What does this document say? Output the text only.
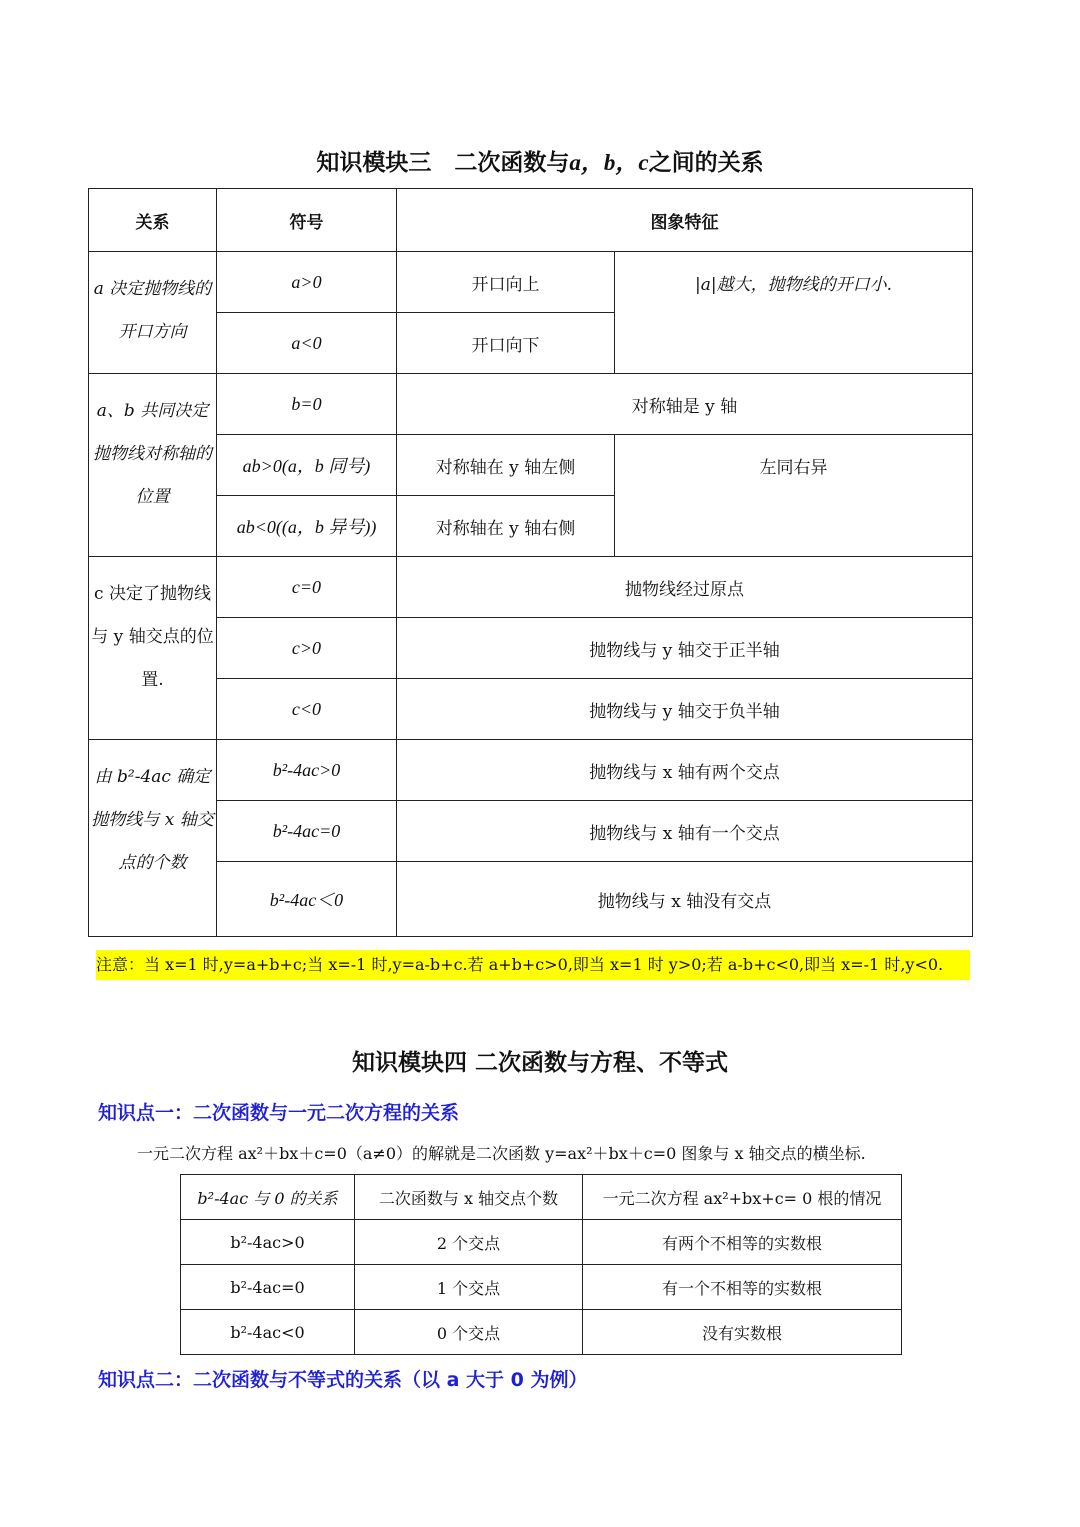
知识模块三　二次函数与a，b，c之间的关系
关系	符号	图象特征	
a 决定抛物线的开口方向	a>0	开口向上	|a|越大，抛物线的开口小.
	a<0	开口向下	
a、b 共同决定抛物线对称轴的位置	b=0	对称轴是 y 轴	
	ab>0(a，b 同号)	对称轴在 y 轴左侧	左同右异
	ab<0((a，b 异号))	对称轴在 y 轴右侧	
c 决定了抛物线与 y 轴交点的位置.	c=0	抛物线经过原点	
	c>0	抛物线与 y 轴交于正半轴	
	c<0	抛物线与 y 轴交于负半轴	
由 b²-4ac 确定抛物线与 x 轴交点的个数	b²-4ac>0	抛物线与 x 轴有两个交点	
	b²-4ac=0	抛物线与 x 轴有一个交点	
	b²-4ac＜0	抛物线与 x 轴没有交点	
注意：当 x=1 时,y=a+b+c;当 x=-1 时,y=a-b+c.若 a+b+c>0,即当 x=1 时 y>0;若 a-b+c<0,即当 x=-1 时,y<0.
知识模块四 二次函数与方程、不等式
知识点一：二次函数与一元二次方程的关系
一元二次方程 ax²＋bx＋c=0（a≠0）的解就是二次函数 y=ax²＋bx＋c=0 图象与 x 轴交点的横坐标.
b²-4ac 与 0 的关系	二次函数与 x 轴交点个数	一元二次方程 ax²+bx+c= 0 根的情况
b²-4ac>0	2 个交点	有两个不相等的实数根
b²-4ac=0	1 个交点	有一个不相等的实数根
b²-4ac<0	0 个交点	没有实数根
知识点二：二次函数与不等式的关系（以 a 大于 0 为例）
